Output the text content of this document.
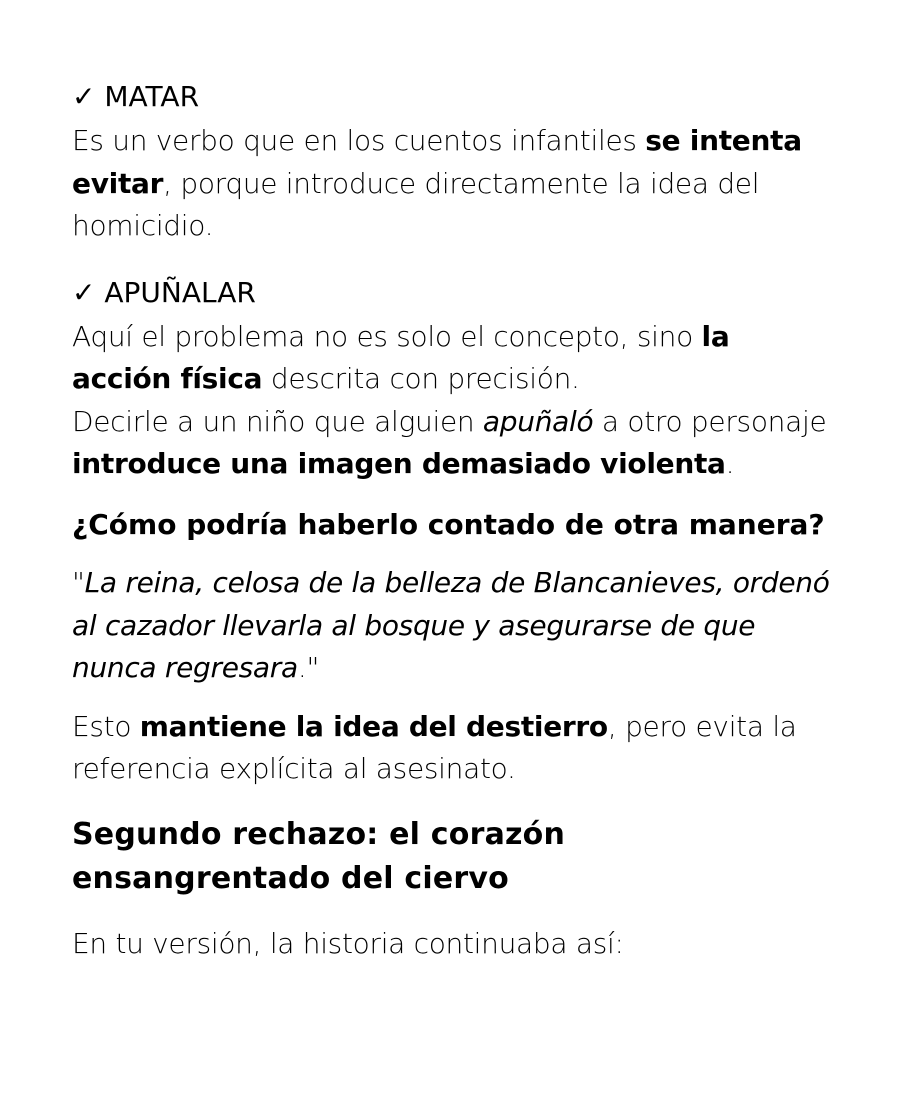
✓ MATAR

Es un verbo que en los cuentos infantiles se intenta evitar, porque introduce directamente la idea del homicidio.

✓ APUÑALAR

Aquí el problema no es solo el concepto, sino la acción física descrita con precisión.

Decirle a un niño que alguien apuñaló a otro personaje introduce una imagen demasiado violenta.

¿Cómo podría haberlo contado de otra manera?

"La reina, celosa de la belleza de Blancanieves, ordenó al cazador llevarla al bosque y asegurarse de que nunca regresara."

Esto mantiene la idea del destierro, pero evita la referencia explícita al asesinato.

Segundo rechazo: el corazón ensangrentado del ciervo

En tu versión, la historia continuaba así:
